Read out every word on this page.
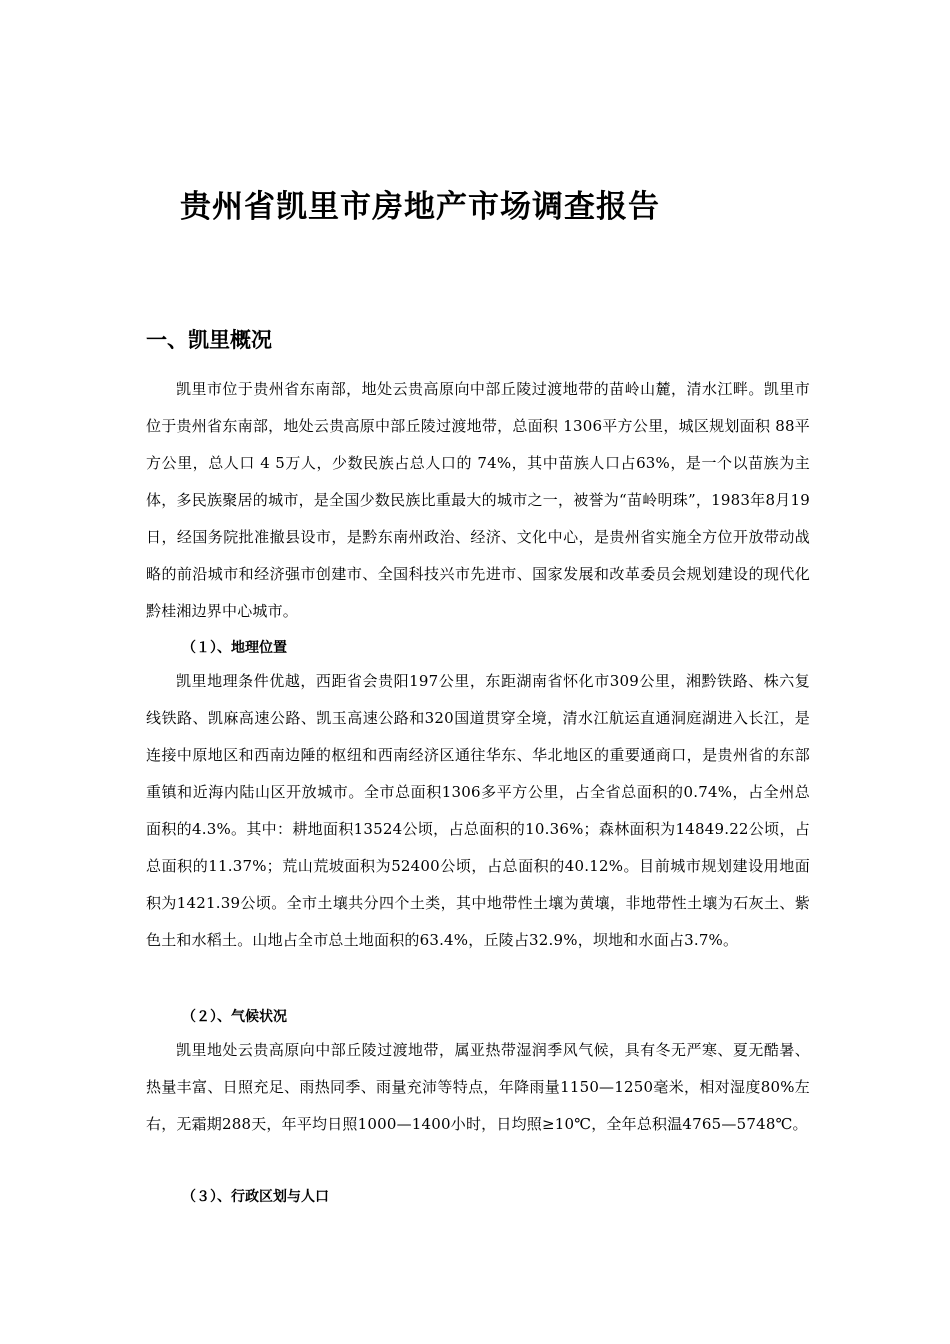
贵州省凯里市房地产市场调查报告
一、凯里概况

凯里市位于贵州省东南部，地处云贵高原向中部丘陵过渡地带的苗岭山麓，清水江畔。凯里市位于贵州省东南部，地处云贵高原中部丘陵过渡地带，总面积 1306平方公里，城区规划面积 88平方公里，总人口 4 5万人，少数民族占总人口的 74%，其中苗族人口占63%，是一个以苗族为主体，多民族聚居的城市，是全国少数民族比重最大的城市之一，被誉为“苗岭明珠”，1983年8月19日，经国务院批准撤县设市，是黔东南州政治、经济、文化中心，是贵州省实施全方位开放带动战略的前沿城市和经济强市创建市、全国科技兴市先进市、国家发展和改革委员会规划建设的现代化黔桂湘边界中心城市。

（１）、地理位置

凯里地理条件优越，西距省会贵阳197公里，东距湖南省怀化市309公里，湘黔铁路、株六复线铁路、凯麻高速公路、凯玉高速公路和320国道贯穿全境，清水江航运直通洞庭湖进入长江，是连接中原地区和西南边陲的枢纽和西南经济区通往华东、华北地区的重要通商口，是贵州省的东部重镇和近海内陆山区开放城市。全市总面积1306多平方公里，占全省总面积的0.74%，占全州总面积的4.3%。其中：耕地面积13524公顷，占总面积的10.36%；森林面积为14849.22公顷，占总面积的11.37%；荒山荒坡面积为52400公顷，占总面积的40.12%。目前城市规划建设用地面积为1421.39公顷。全市土壤共分四个土类，其中地带性土壤为黄壤，非地带性土壤为石灰土、紫色土和水稻土。山地占全市总土地面积的63.4%，丘陵占32.9%，坝地和水面占3.7%。

（２）、气候状况

凯里地处云贵高原向中部丘陵过渡地带，属亚热带湿润季风气候，具有冬无严寒、夏无酷暑、热量丰富、日照充足、雨热同季、雨量充沛等特点，年降雨量1150—1250毫米，相对湿度80%左右，无霜期288天，年平均日照1000—1400小时，日均照≥10℃，全年总积温4765—5748℃。

（３）、行政区划与人口
